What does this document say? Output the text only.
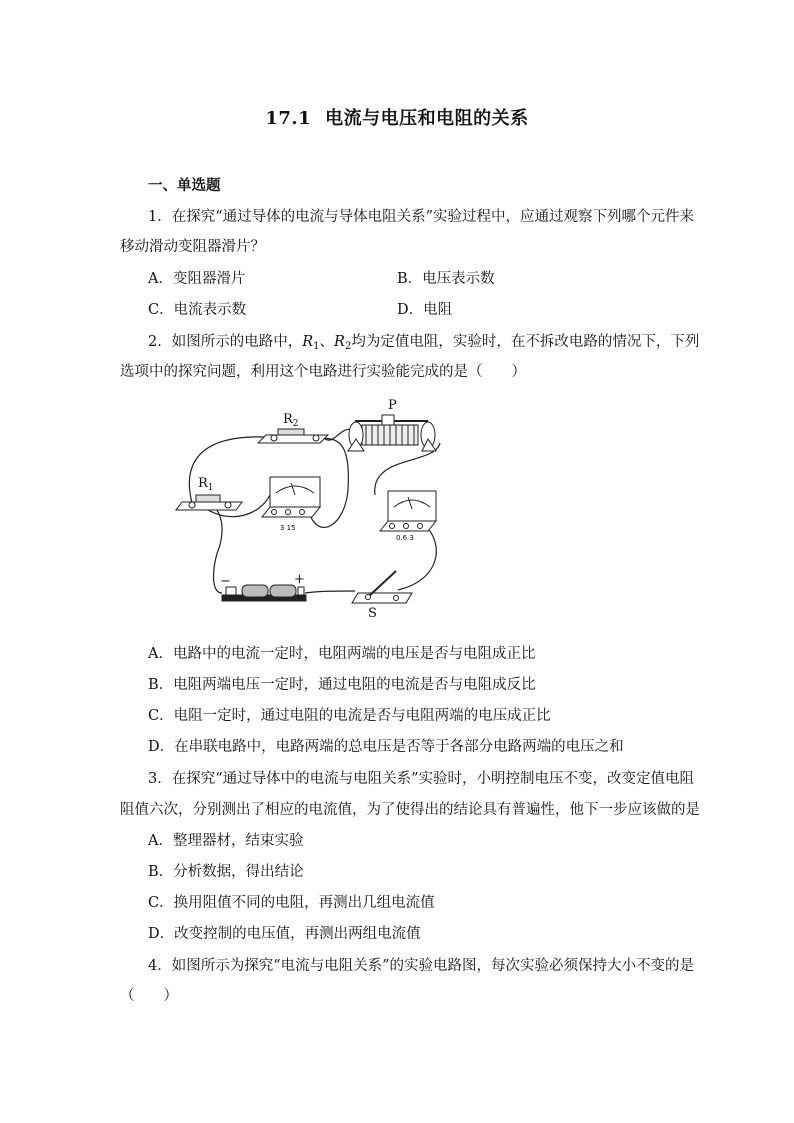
17.1 电流与电压和电阻的关系
一、单选题
1．在探究“通过导体的电流与导体电阻关系”实验过程中，应通过观察下列哪个元件来
移动滑动变阻器滑片？
A．变阻器滑片	B．电压表示数
C．电流表示数	D．电阻
2．如图所示的电路中，$R_1$、$R_2$均为定值电阻，实验时，在不拆改电路的情况下，下列
选项中的探究问题，利用这个电路进行实验能完成的是（　　）
$R_2$
$R_1$
P
3 15
0.6 3
−	+
S
A．电路中的电流一定时，电阻两端的电压是否与电阻成正比
B．电阻两端电压一定时，通过电阻的电流是否与电阻成反比
C．电阻一定时，通过电阻的电流是否与电阻两端的电压成正比
D．在串联电路中，电路两端的总电压是否等于各部分电路两端的电压之和
3．在探究“通过导体中的电流与电阻关系”实验时，小明控制电压不变，改变定值电阻
阻值六次，分别测出了相应的电流值，为了使得出的结论具有普遍性，他下一步应该做的是
A．整理器材，结束实验
B．分析数据，得出结论
C．换用阻值不同的电阻，再测出几组电流值
D．改变控制的电压值，再测出两组电流值
4．如图所示为探究“电流与电阻关系”的实验电路图，每次实验必须保持大小不变的是
（　　）
